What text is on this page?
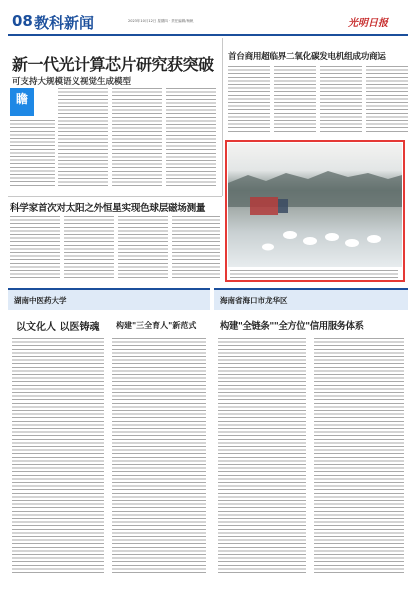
08 教科新闻	2023年10月12日 星期四 · 责任编辑/杨帆	光明日报
新一代光计算芯片研究获突破
可支持大规模语义视觉生成模型
瞻
首台商用超临界二氧化碳发电机组成功商运
科学家首次对太阳之外恒星实现色球层磁场测量
湖南中医药大学
以文化人 以医铸魂 构建"三全育人"新范式
海南省海口市龙华区
构建"全链条""全方位"信用服务体系
